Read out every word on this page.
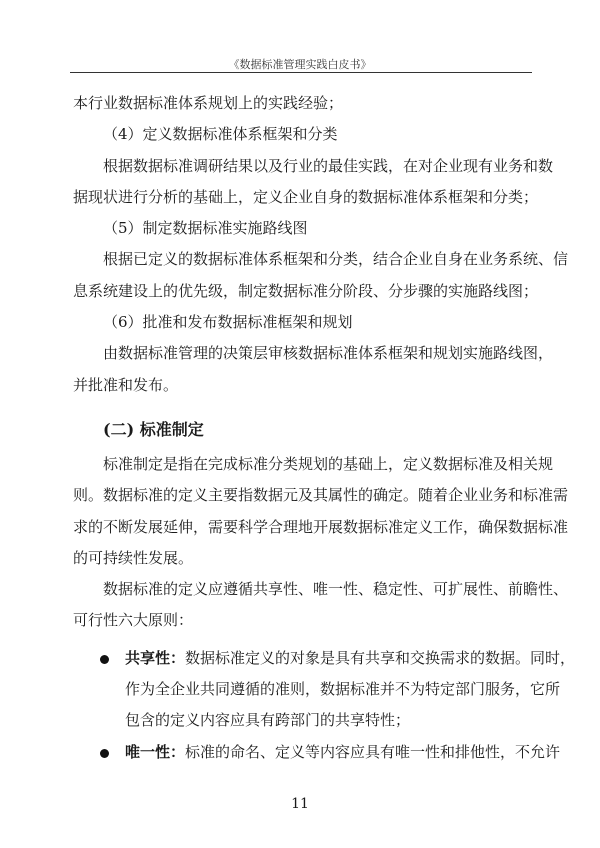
《数据标准管理实践白皮书》
本行业数据标准体系规划上的实践经验；
（4）定义数据标准体系框架和分类
根据数据标准调研结果以及行业的最佳实践，在对企业现有业务和数
据现状进行分析的基础上，定义企业自身的数据标准体系框架和分类；
（5）制定数据标准实施路线图
根据已定义的数据标准体系框架和分类，结合企业自身在业务系统、信
息系统建设上的优先级，制定数据标准分阶段、分步骤的实施路线图；
（6）批准和发布数据标准框架和规划
由数据标准管理的决策层审核数据标准体系框架和规划实施路线图，
并批准和发布。
(二) 标准制定
标准制定是指在完成标准分类规划的基础上，定义数据标准及相关规
则。数据标准的定义主要指数据元及其属性的确定。随着企业业务和标准需
求的不断发展延伸，需要科学合理地开展数据标准定义工作，确保数据标准
的可持续性发展。
数据标准的定义应遵循共享性、唯一性、稳定性、可扩展性、前瞻性、
可行性六大原则：
共享性：数据标准定义的对象是具有共享和交换需求的数据。同时，
作为全企业共同遵循的准则，数据标准并不为特定部门服务，它所
包含的定义内容应具有跨部门的共享特性；
唯一性：标准的命名、定义等内容应具有唯一性和排他性，不允许
11
